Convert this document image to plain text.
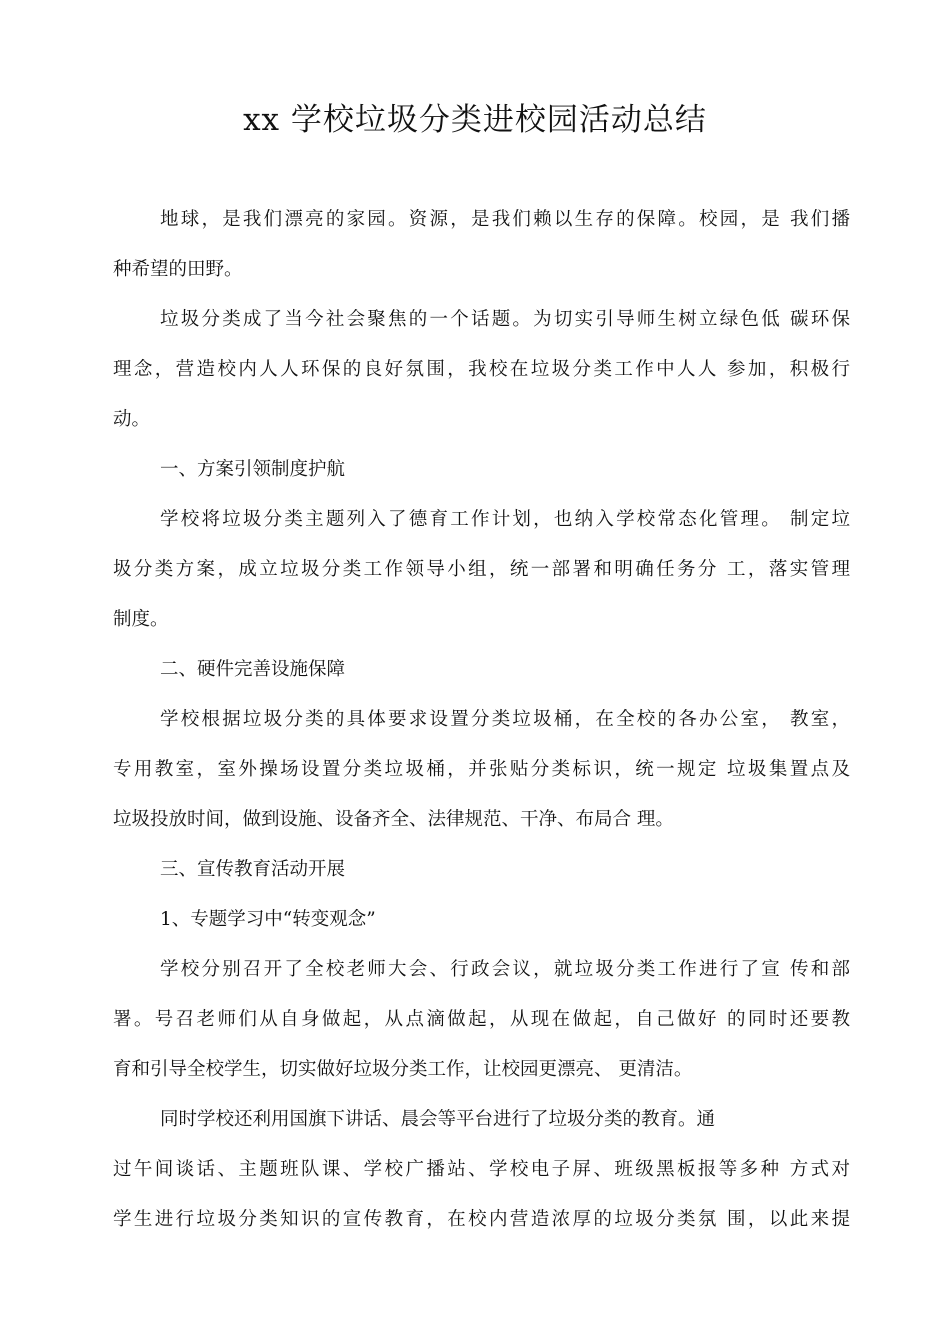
xx 学校垃圾分类进校园活动总结
地球，是我们漂亮的家园。资源，是我们赖以生存的保障。校园，是 我们播
种希望的田野。
垃圾分类成了当今社会聚焦的一个话题。为切实引导师生树立绿色低 碳环保
理念，营造校内人人环保的良好氛围，我校在垃圾分类工作中人人 参加，积极行
动。
一、方案引领制度护航
学校将垃圾分类主题列入了德育工作计划，也纳入学校常态化管理。 制定垃
圾分类方案，成立垃圾分类工作领导小组，统一部署和明确任务分 工，落实管理
制度。
二、硬件完善设施保障
学校根据垃圾分类的具体要求设置分类垃圾桶，在全校的各办公室， 教室，
专用教室，室外操场设置分类垃圾桶，并张贴分类标识，统一规定 垃圾集置点及
垃圾投放时间，做到设施、设备齐全、法律规范、干净、布局合 理。
三、宣传教育活动开展
1、专题学习中“转变观念”
学校分别召开了全校老师大会、行政会议，就垃圾分类工作进行了宣 传和部
署。号召老师们从自身做起，从点滴做起，从现在做起，自己做好 的同时还要教
育和引导全校学生，切实做好垃圾分类工作，让校园更漂亮、 更清洁。
同时学校还利用国旗下讲话、晨会等平台进行了垃圾分类的教育。通
过午间谈话、主题班队课、学校广播站、学校电子屏、班级黑板报等多种 方式对
学生进行垃圾分类知识的宣传教育，在校内营造浓厚的垃圾分类氛 围，以此来提
